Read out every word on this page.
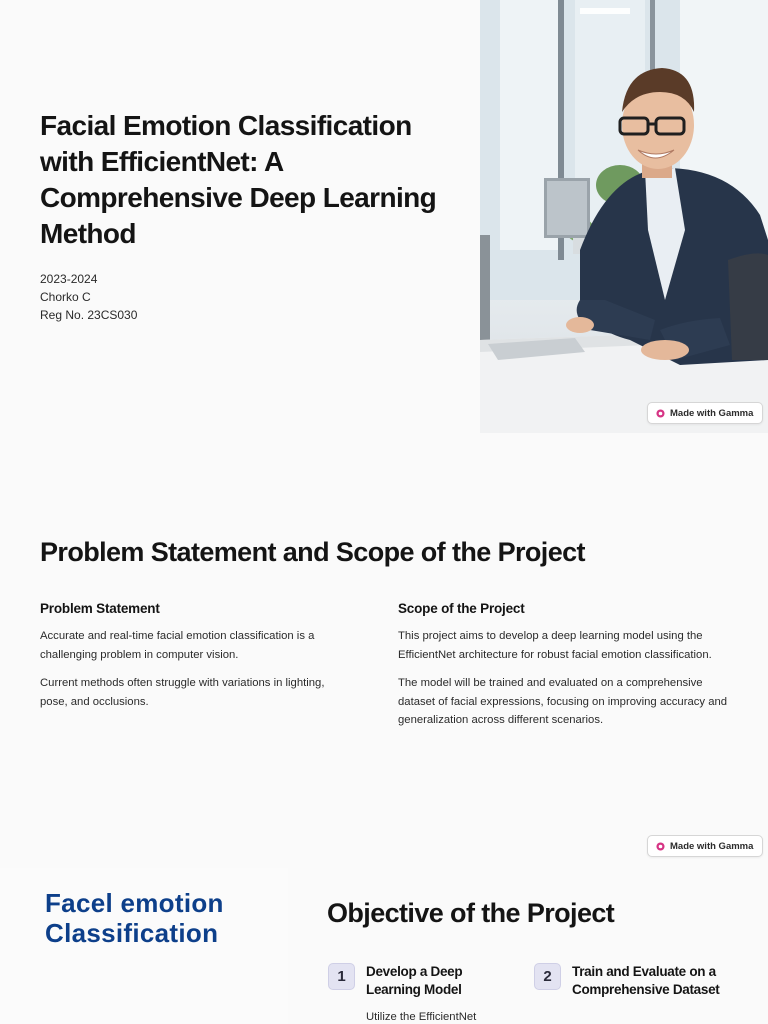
Facial Emotion Classification with EfficientNet: A Comprehensive Deep Learning Method
2023-2024
Chorko C
Reg No. 23CS030
Made with Gamma
Problem Statement and Scope of the Project
Problem Statement

Accurate and real-time facial emotion classification is a challenging problem in computer vision.

Current methods often struggle with variations in lighting, pose, and occlusions.

Scope of the Project

This project aims to develop a deep learning model using the EfficientNet architecture for robust facial emotion classification.

The model will be trained and evaluated on a comprehensive dataset of facial expressions, focusing on improving accuracy and generalization across different scenarios.

Made with Gamma
Facel emotion Classification
Objective of the Project
1	Develop a Deep Learning Model

Utilize the EfficientNet

2	Train and Evaluate on a Comprehensive Dataset
